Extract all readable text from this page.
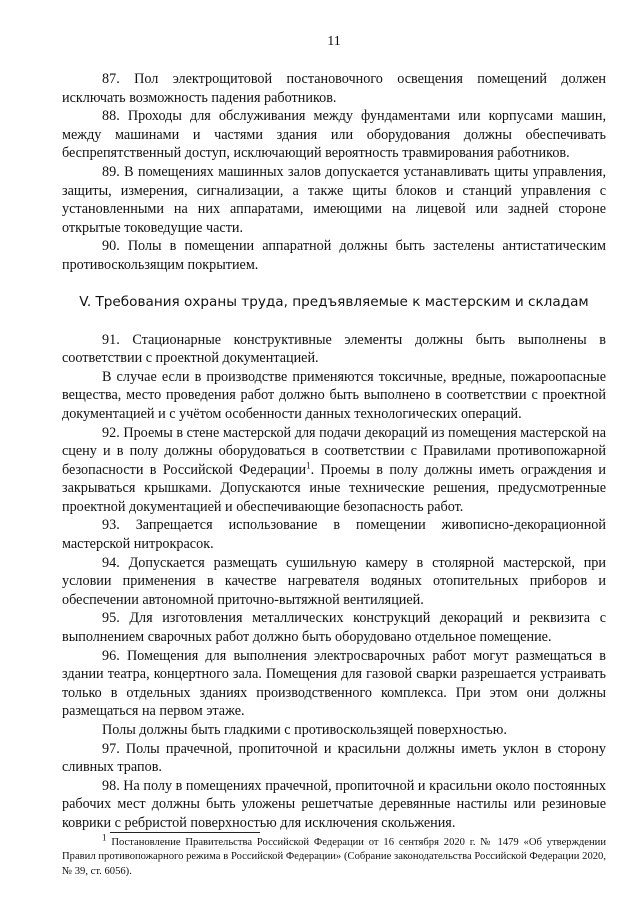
11

87. Пол электрощитовой постановочного освещения помещений должен исключать возможность падения работников.

88. Проходы для обслуживания между фундаментами или корпусами машин, между машинами и частями здания или оборудования должны обеспечивать беспрепятственный доступ, исключающий вероятность травмирования работников.

89. В помещениях машинных залов допускается устанавливать щиты управления, защиты, измерения, сигнализации, а также щиты блоков и станций управления с установленными на них аппаратами, имеющими на лицевой или задней стороне открытые токоведущие части.

90. Полы в помещении аппаратной должны быть застелены антистатическим противоскользящим покрытием.

V. Требования охраны труда, предъявляемые к мастерским и складам

91. Стационарные конструктивные элементы должны быть выполнены в соответствии с проектной документацией.

В случае если в производстве применяются токсичные, вредные, пожароопасные вещества, место проведения работ должно быть выполнено в соответствии с проектной документацией и с учётом особенности данных технологических операций.

92. Проемы в стене мастерской для подачи декораций из помещения мастерской на сцену и в полу должны оборудоваться в соответствии с Правилами противопожарной безопасности в Российской Федерации$^1$. Проемы в полу должны иметь ограждения и закрываться крышками. Допускаются иные технические решения, предусмотренные проектной документацией и обеспечивающие безопасность работ.

93. Запрещается использование в помещении живописно-декорационной мастерской нитрокрасок.

94. Допускается размещать сушильную камеру в столярной мастерской, при условии применения в качестве нагревателя водяных отопительных приборов и обеспечении автономной приточно-вытяжной вентиляцией.

95. Для изготовления металлических конструкций декораций и реквизита с выполнением сварочных работ должно быть оборудовано отдельное помещение.

96. Помещения для выполнения электросварочных работ могут размещаться в здании театра, концертного зала. Помещения для газовой сварки разрешается устраивать только в отдельных зданиях производственного комплекса. При этом они должны размещаться на первом этаже.

Полы должны быть гладкими с противоскользящей поверхностью.

97. Полы прачечной, пропиточной и красильни должны иметь уклон в сторону сливных трапов.

98. На полу в помещениях прачечной, пропиточной и красильни около постоянных рабочих мест должны быть уложены решетчатые деревянные настилы или резиновые коврики с ребристой поверхностью для исключения скольжения.

$^1$ Постановление Правительства Российской Федерации от 16 сентября 2020 г. № 1479 «Об утверждении Правил противопожарного режима в Российской Федерации» (Собрание законодательства Российской Федерации 2020, № 39, ст. 6056).
